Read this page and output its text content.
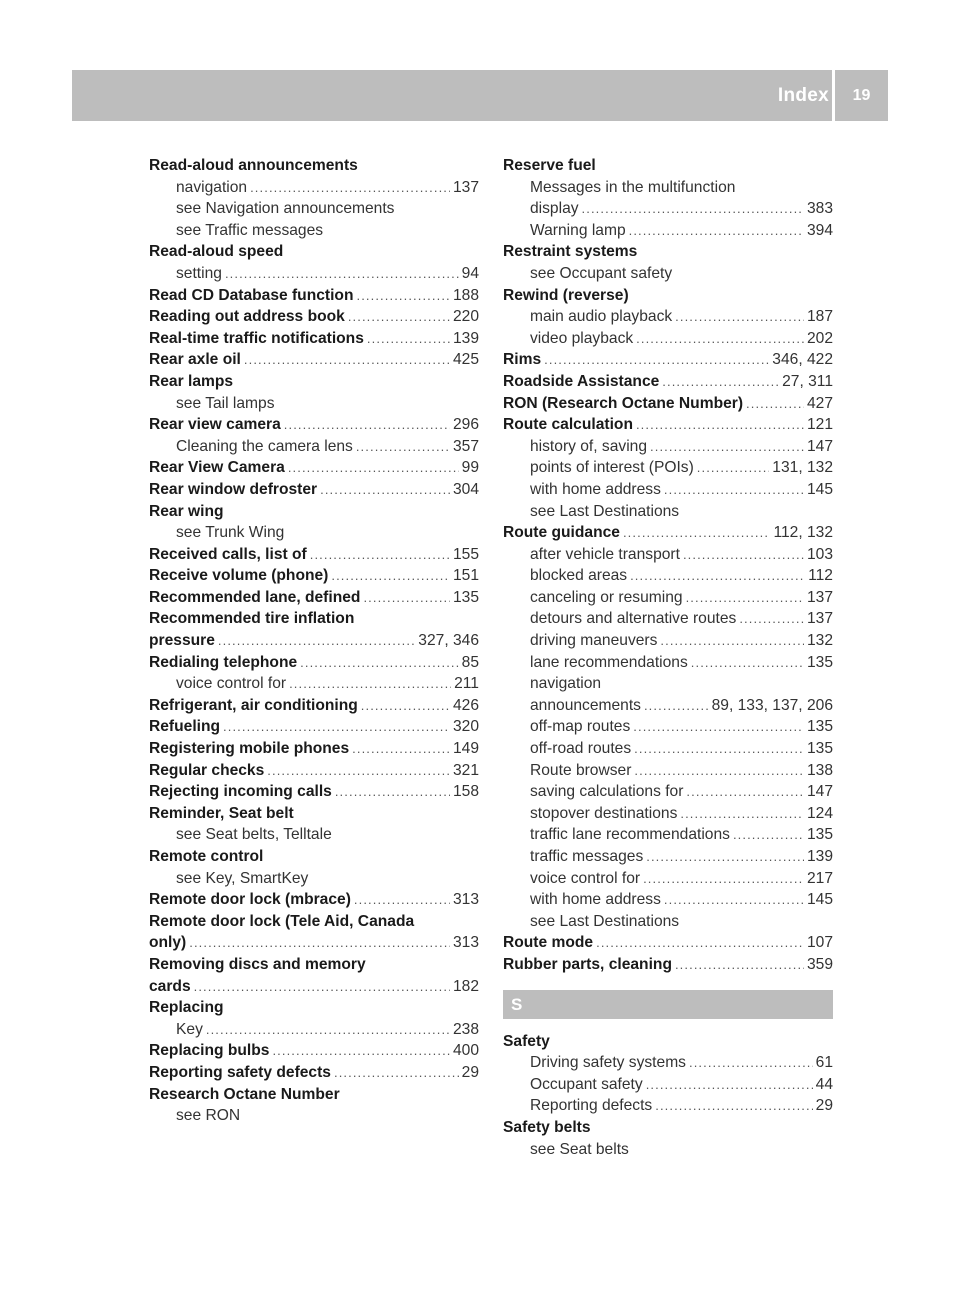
Index	19
Read-aloud announcements
navigation .....	137
see Navigation announcements
see Traffic messages
Read-aloud speed
setting .....	94
Read CD Database function .....	188
Reading out address book .....	220
Real-time traffic notifications .....	139
Rear axle oil .....	425
Rear lamps
see Tail lamps
Rear view camera .....	296
Cleaning the camera lens .....	357
Rear View Camera .....	99
Rear window defroster .....	304
Rear wing
see Trunk Wing
Received calls, list of .....	155
Receive volume (phone) .....	151
Recommended lane, defined .....	135
Recommended tire inflation
pressure .....	327, 346
Redialing telephone .....	85
voice control for .....	211
Refrigerant, air conditioning .....	426
Refueling .....	320
Registering mobile phones .....	149
Regular checks .....	321
Rejecting incoming calls .....	158
Reminder, Seat belt
see Seat belts, Telltale
Remote control
see Key, SmartKey
Remote door lock (mbrace) .....	313
Remote door lock (Tele Aid, Canada
only) .....	313
Removing discs and memory
cards .....	182
Replacing
Key .....	238
Replacing bulbs .....	400
Reporting safety defects .....	29
Research Octane Number
see RON
Reserve fuel
Messages in the multifunction
display .....	383
Warning lamp .....	394
Restraint systems
see Occupant safety
Rewind (reverse)
main audio playback .....	187
video playback .....	202
Rims .....	346, 422
Roadside Assistance .....	27, 311
RON (Research Octane Number) .....	427
Route calculation .....	121
history of, saving .....	147
points of interest (POIs) .....	131, 132
with home address .....	145
see Last Destinations
Route guidance .....	112, 132
after vehicle transport .....	103
blocked areas .....	112
canceling or resuming .....	137
detours and alternative routes .....	137
driving maneuvers .....	132
lane recommendations .....	135
navigation
announcements .....	89, 133, 137, 206
off-map routes .....	135
off-road routes .....	135
Route browser .....	138
saving calculations for .....	147
stopover destinations .....	124
traffic lane recommendations .....	135
traffic messages .....	139
voice control for .....	217
with home address .....	145
see Last Destinations
Route mode .....	107
Rubber parts, cleaning .....	359
S
Safety
Driving safety systems .....	61
Occupant safety .....	44
Reporting defects .....	29
Safety belts
see Seat belts
